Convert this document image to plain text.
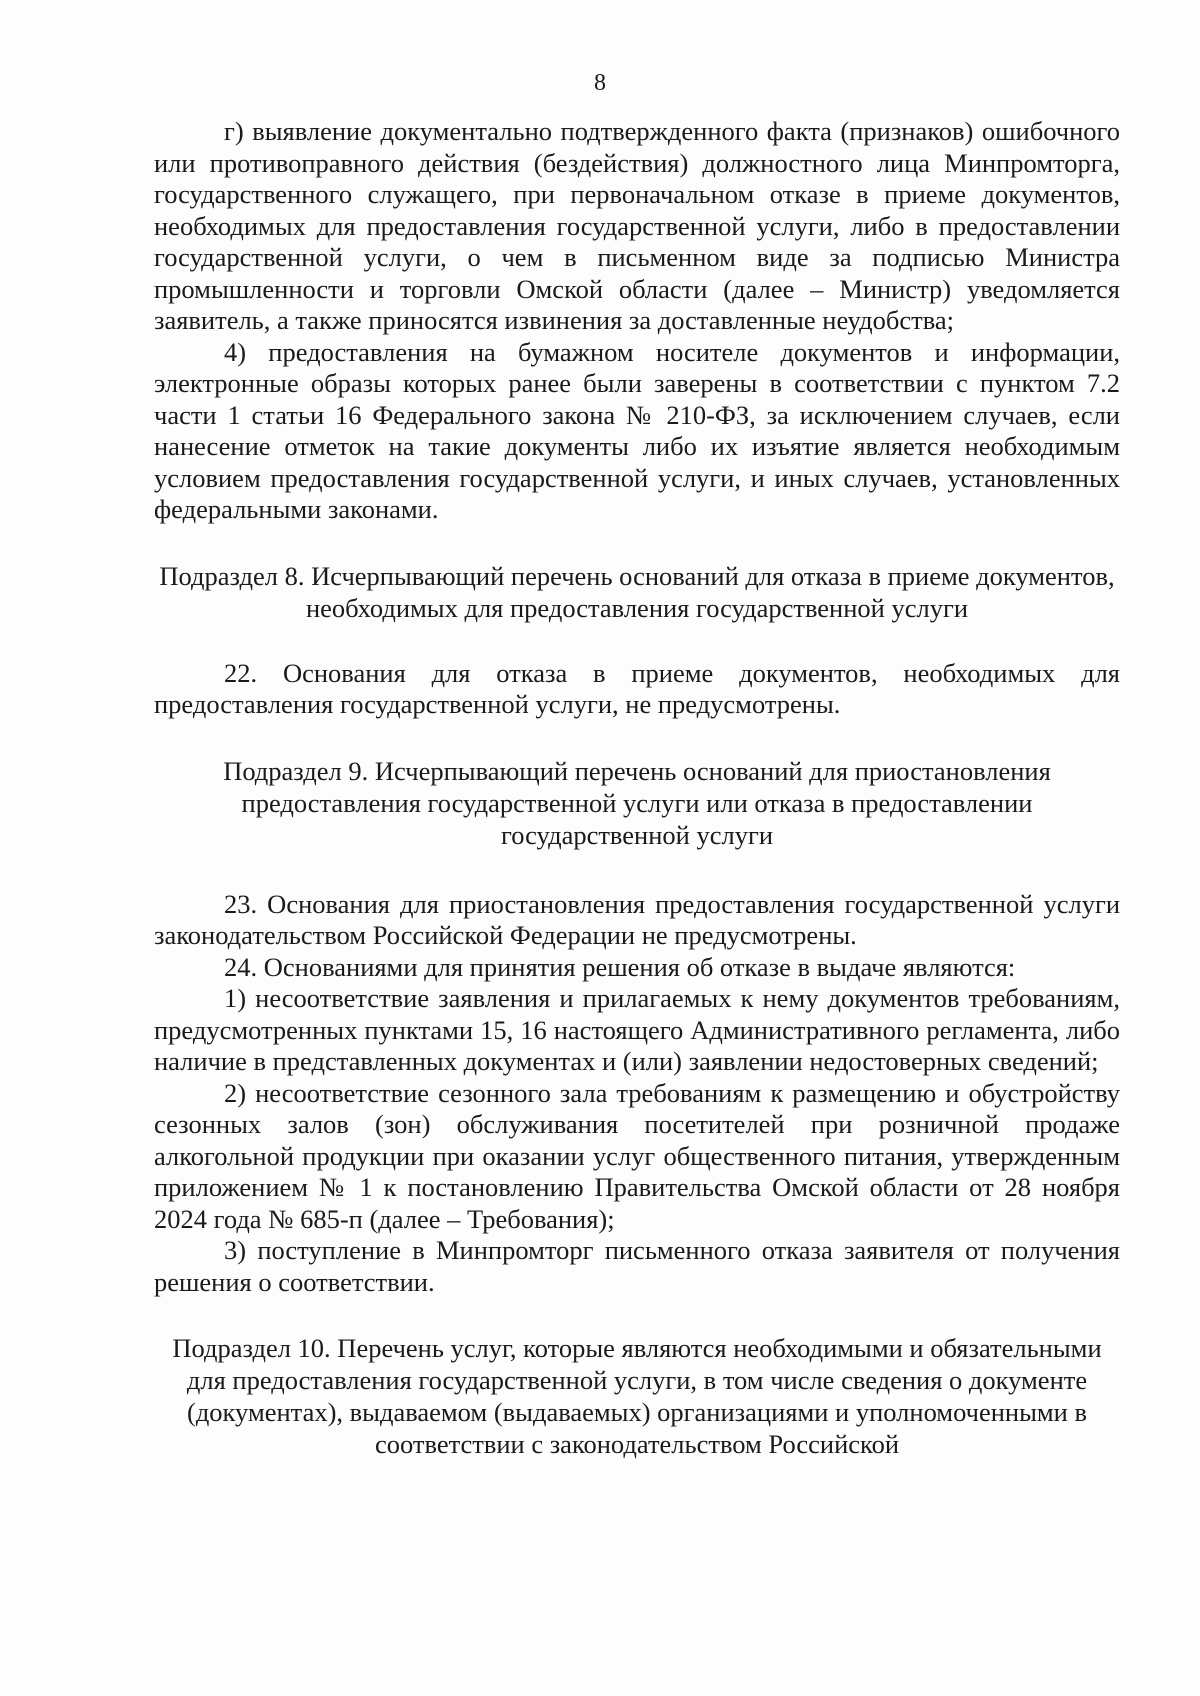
8

г) выявление документально подтвержденного факта (признаков) ошибочного или противоправного действия (бездействия) должностного лица Минпромторга, государственного служащего, при первоначальном отказе в приеме документов, необходимых для предоставления государственной услуги, либо в предоставлении государственной услуги, о чем в письменном виде за подписью Министра промышленности и торговли Омской области (далее – Министр) уведомляется заявитель, а также приносятся извинения за доставленные неудобства;

4) предоставления на бумажном носителе документов и информации, электронные образы которых ранее были заверены в соответствии с пунктом 7.2 части 1 статьи 16 Федерального закона № 210-ФЗ, за исключением случаев, если нанесение отметок на такие документы либо их изъятие является необходимым условием предоставления государственной услуги, и иных случаев, установленных федеральными законами.

Подраздел 8. Исчерпывающий перечень оснований для отказа в приеме документов, необходимых для предоставления государственной услуги

22. Основания для отказа в приеме документов, необходимых для предоставления государственной услуги, не предусмотрены.

Подраздел 9. Исчерпывающий перечень оснований для приостановления предоставления государственной услуги или отказа в предоставлении государственной услуги

23. Основания для приостановления предоставления государственной услуги законодательством Российской Федерации не предусмотрены.

24. Основаниями для принятия решения об отказе в выдаче являются:

1) несоответствие заявления и прилагаемых к нему документов требованиям, предусмотренных пунктами 15, 16 настоящего Административного регламента, либо наличие в представленных документах и (или) заявлении недостоверных сведений;

2) несоответствие сезонного зала требованиям к размещению и обустройству сезонных залов (зон) обслуживания посетителей при розничной продаже алкогольной продукции при оказании услуг общественного питания, утвержденным приложением № 1 к постановлению Правительства Омской области от 28 ноября 2024 года № 685-п (далее – Требования);

3) поступление в Минпромторг письменного отказа заявителя от получения решения о соответствии.

Подраздел 10. Перечень услуг, которые являются необходимыми и обязательными для предоставления государственной услуги, в том числе сведения о документе (документах), выдаваемом (выдаваемых) организациями и уполномоченными в соответствии с законодательством Российской
